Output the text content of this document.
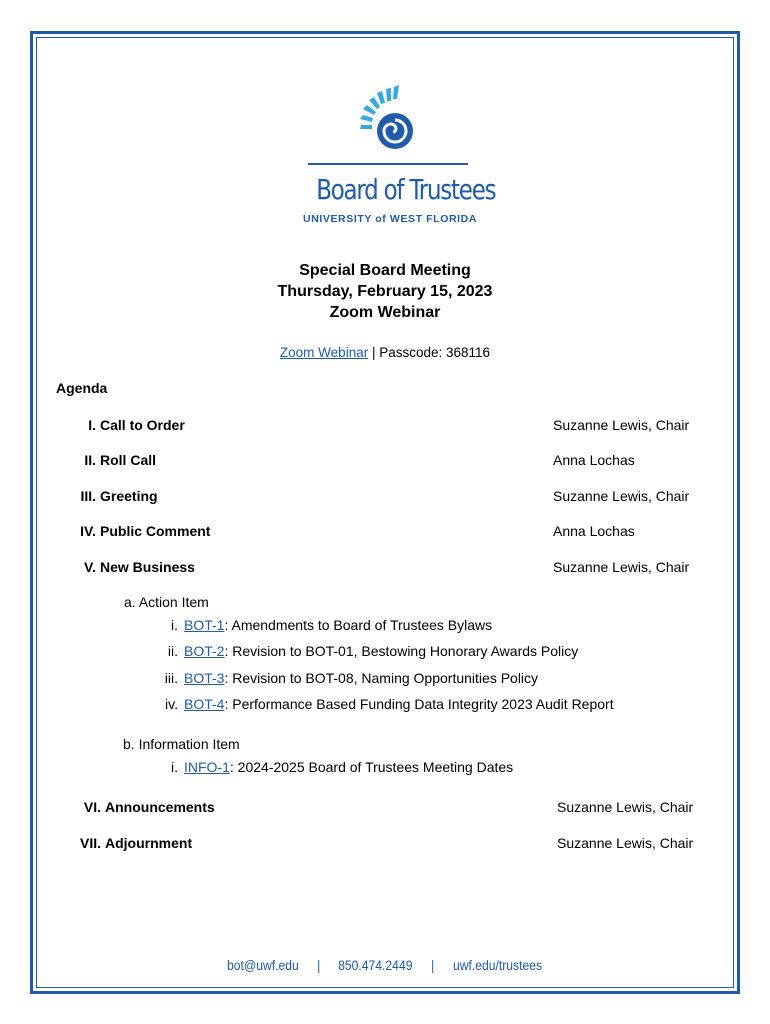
Board of Trustees
UNIVERSITY of WEST FLORIDA
Special Board Meeting
Thursday, February 15, 2023
Zoom Webinar
Zoom Webinar | Passcode: 368116
Agenda
I. Call to Order	Suzanne Lewis, Chair
II. Roll Call	Anna Lochas
III. Greeting	Suzanne Lewis, Chair
IV. Public Comment	Anna Lochas
V. New Business	Suzanne Lewis, Chair
a. Action Item
i. BOT-1: Amendments to Board of Trustees Bylaws
ii. BOT-2: Revision to BOT-01, Bestowing Honorary Awards Policy
iii. BOT-3: Revision to BOT-08, Naming Opportunities Policy
iv. BOT-4: Performance Based Funding Data Integrity 2023 Audit Report
b. Information Item
i. INFO-1: 2024-2025 Board of Trustees Meeting Dates
VI. Announcements	Suzanne Lewis, Chair
VII. Adjournment	Suzanne Lewis, Chair
bot@uwf.edu | 850.474.2449 | uwf.edu/trustees
